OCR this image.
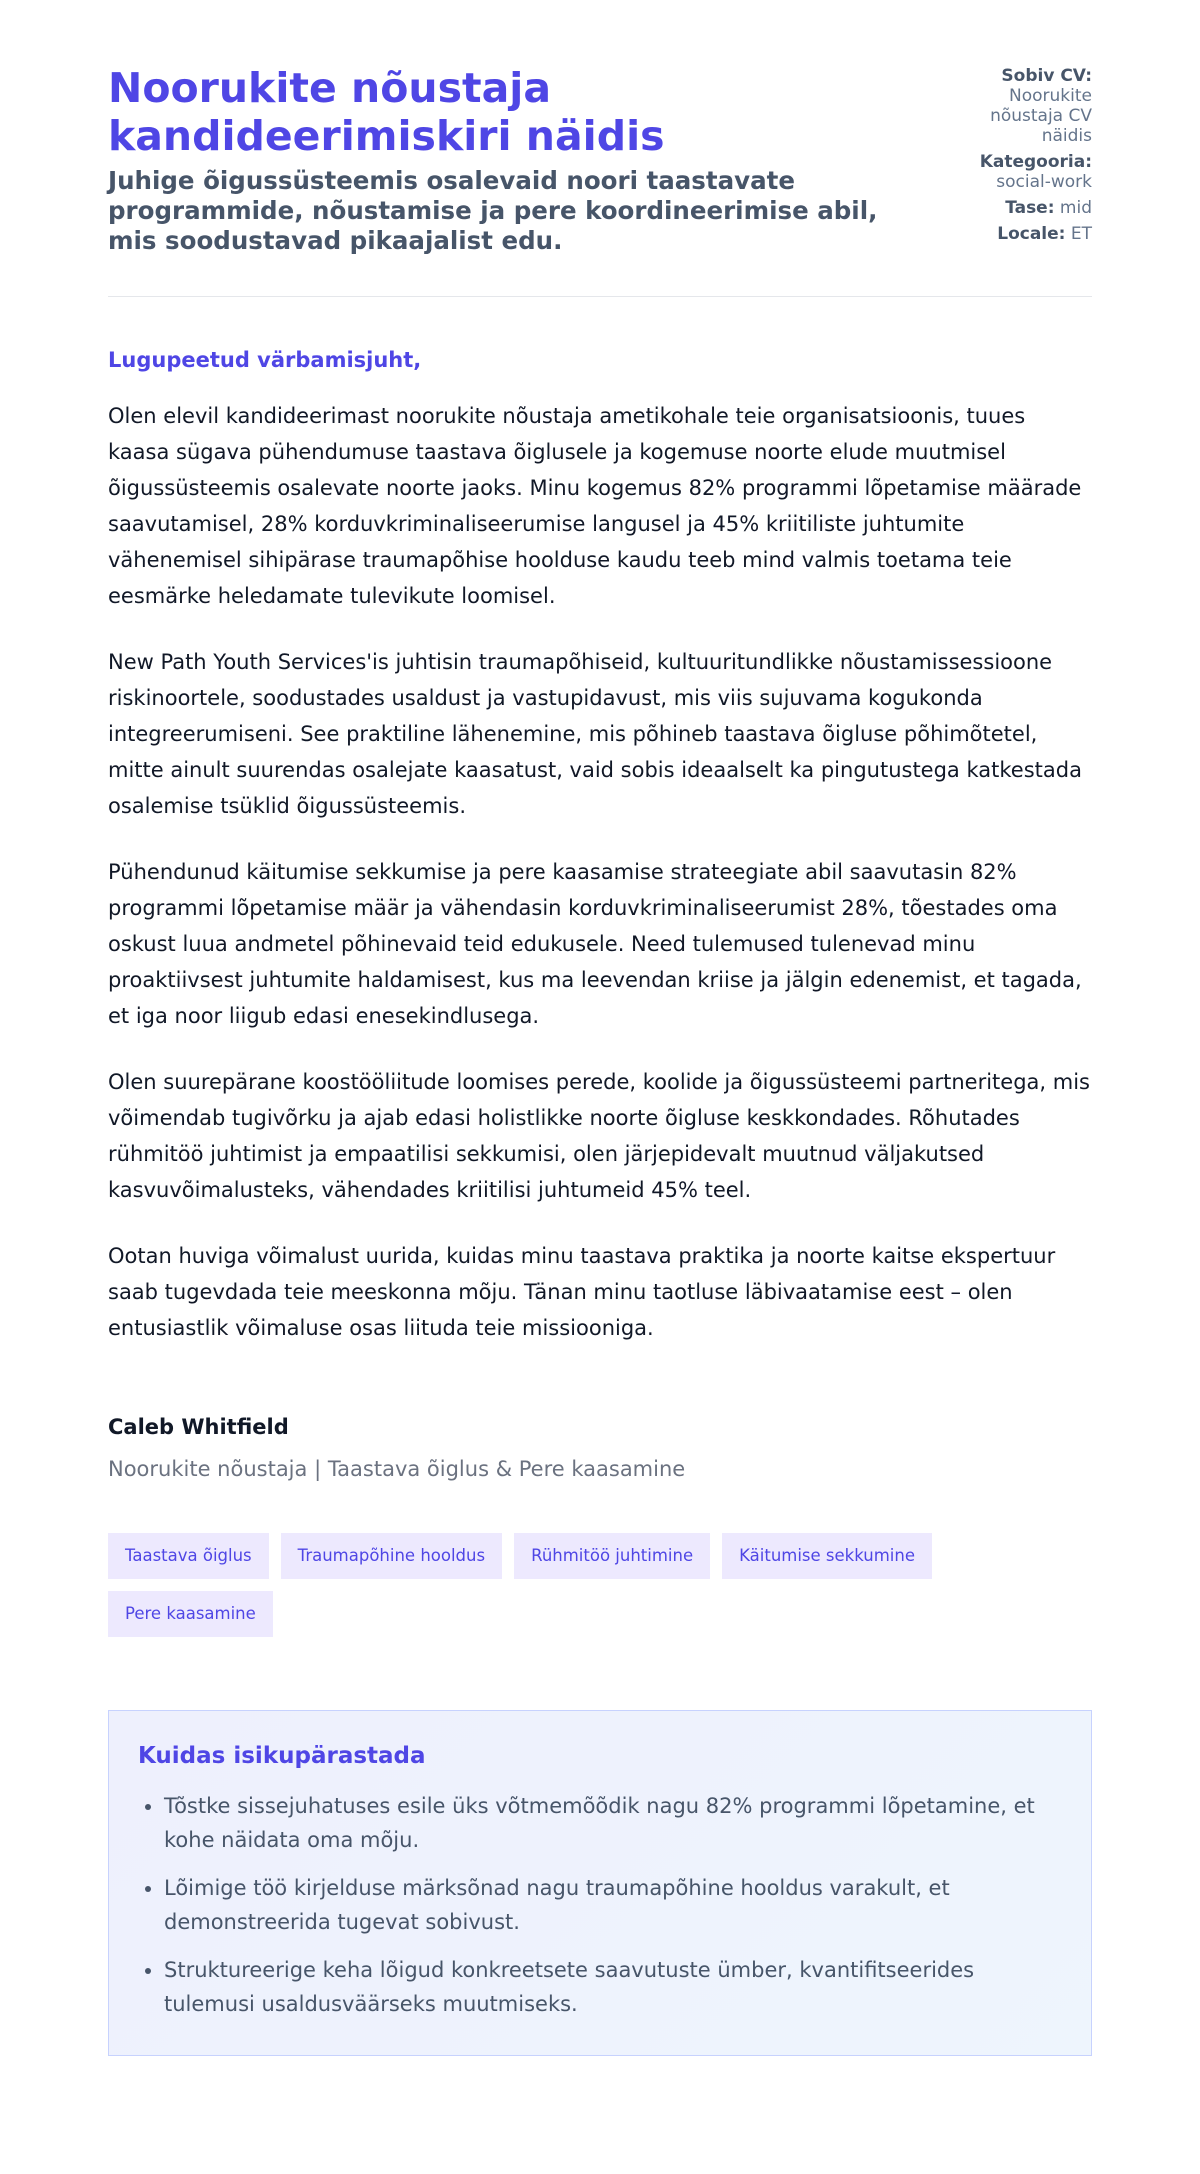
Noorukite nõustaja kandideerimiskiri näidis

Juhige õigussüsteemis osalevaid noori taastavate programmide, nõustamise ja pere koordineerimise abil, mis soodustavad pikaajalist edu.

Sobiv CV: Noorukite nõustaja CV näidis
Kategooria: social-work
Tase: mid
Locale: ET

Lugupeetud värbamisjuht,

Olen elevil kandideerimast noorukite nõustaja ametikohale teie organisatsioonis, tuues kaasa sügava pühendumuse taastava õiglusele ja kogemuse noorte elude muutmisel õigussüsteemis osalevate noorte jaoks. Minu kogemus 82% programmi lõpetamise määrade saavutamisel, 28% korduvkriminaliseerumise langusel ja 45% kriitiliste juhtumite vähenemisel sihipärase traumapõhise hoolduse kaudu teeb mind valmis toetama teie eesmärke heledamate tulevikute loomisel.

New Path Youth Services'is juhtisin traumapõhiseid, kultuuritundlikke nõustamissessioone riskinoortele, soodustades usaldust ja vastupidavust, mis viis sujuvama kogukonda integreerumiseni. See praktiline lähenemine, mis põhineb taastava õigluse põhimõtetel, mitte ainult suurendas osalejate kaasatust, vaid sobis ideaalselt ka pingutustega katkestada osalemise tsüklid õigussüsteemis.

Pühendunud käitumise sekkumise ja pere kaasamise strateegiate abil saavutasin 82% programmi lõpetamise määr ja vähendasin korduvkriminaliseerumist 28%, tõestades oma oskust luua andmetel põhinevaid teid edukusele. Need tulemused tulenevad minu proaktiivsest juhtumite haldamisest, kus ma leevendan kriise ja jälgin edenemist, et tagada, et iga noor liigub edasi enesekindlusega.

Olen suurepärane koostööliitude loomises perede, koolide ja õigussüsteemi partneritega, mis võimendab tugivõrku ja ajab edasi holistlikke noorte õigluse keskkondades. Rõhutades rühmitöö juhtimist ja empaatilisi sekkumisi, olen järjepidevalt muutnud väljakutsed kasvuvõimalusteks, vähendades kriitilisi juhtumeid 45% teel.

Ootan huviga võimalust uurida, kuidas minu taastava praktika ja noorte kaitse ekspertuur saab tugevdada teie meeskonna mõju. Tänan minu taotluse läbivaatamise eest – olen entusiastlik võimaluse osas liituda teie missiooniga.

Caleb Whitfield

Noorukite nõustaja | Taastava õiglus & Pere kaasamine

Taastava õiglus	Traumapõhine hooldus	Rühmitöö juhtimine	Käitumise sekkumine
Pere kaasamine
Kuidas isikupärastada
• Tõstke sissejuhatuses esile üks võtmemõõdik nagu 82% programmi lõpetamine, et kohe näidata oma mõju.
• Lõimige töö kirjelduse märksõnad nagu traumapõhine hooldus varakult, et demonstreerida tugevat sobivust.
• Struktureerige keha lõigud konkreetsete saavutuste ümber, kvantifitseerides tulemusi usaldusväärseks muutmiseks.
